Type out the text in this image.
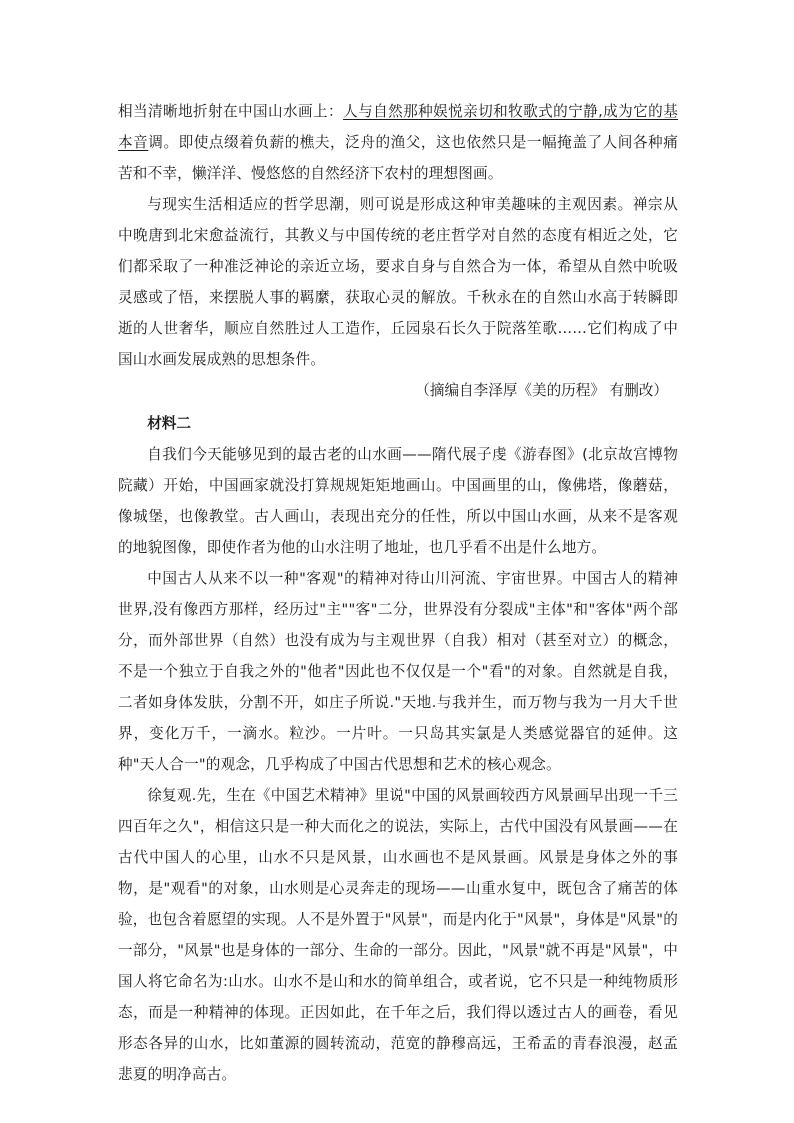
相当清晰地折射在中国山水画上：人与自然那种娱悦亲切和牧歌式的宁静,成为它的基本音调。即使点缀着负薪的樵夫，泛舟的渔父，这也依然只是一幅掩盖了人间各种痛苦和不幸，懒洋洋、慢悠悠的自然经济下农村的理想图画。

与现实生活相适应的哲学思潮，则可说是形成这种审美趣味的主观因素。禅宗从中晚唐到北宋愈益流行，其教义与中国传统的老庄哲学对自然的态度有相近之处，它们都采取了一种准泛神论的亲近立场，要求自身与自然合为一体，希望从自然中吮吸灵感或了悟，来摆脱人事的羁縻，获取心灵的解放。千秋永在的自然山水高于转瞬即逝的人世奢华，顺应自然胜过人工造作，丘园泉石长久于院落笙歌……它们构成了中国山水画发展成熟的思想条件。

（摘编自李泽厚《美的历程》 有删改）

材料二

自我们今天能够见到的最古老的山水画——隋代展子虔《游春图》(北京故宫博物院藏）开始，中国画家就没打算规规矩矩地画山。中国画里的山，像佛塔，像蘑菇，像城堡，也像教堂。古人画山，表现出充分的任性，所以中国山水画，从来不是客观的地貌图像，即使作者为他的山水注明了地址，也几乎看不出是什么地方。

中国古人从来不以一种"客观"的精神对待山川河流、宇宙世界。中国古人的精神世界,没有像西方那样，经历过"主""客"二分，世界没有分裂成"主体"和"客体"两个部分，而外部世界（自然）也没有成为与主观世界（自我）相对（甚至对立）的概念，不是一个独立于自我之外的"他者"因此也不仅仅是一个"看"的对象。自然就是自我，二者如身体发肤，分割不开，如庄子所说."天地.与我并生，而万物与我为一月大千世界，变化万千，一滴水。粒沙。一片叶。一只岛其实氯是人类感觉器官的延伸。这种"天人合一"的观念，几乎构成了中国古代思想和艺术的核心观念。

徐复观.先，生在《中国艺术精神》里说"中国的风景画较西方风景画早出现一千三四百年之久"，相信这只是一种大而化之的说法，实际上，古代中国没有风景画——在古代中国人的心里，山水不只是风景，山水画也不是风景画。风景是身体之外的事物，是"观看"的对象，山水则是心灵奔走的现场——山重水复中，既包含了痛苦的体验，也包含着愿望的实现。人不是外置于"风景"，而是内化于"风景"，身体是"风景"的一部分，"风景"也是身体的一部分、生命的一部分。因此，"风景"就不再是"风景"，中国人将它命名为:山水。山水不是山和水的简单组合，或者说，它不只是一种纯物质形态，而是一种精神的体现。正因如此，在千年之后，我们得以透过古人的画卷，看见形态各异的山水，比如董源的圆转流动，范宽的静穆高远，王希孟的青春浪漫，赵孟悲夏的明净高古。
